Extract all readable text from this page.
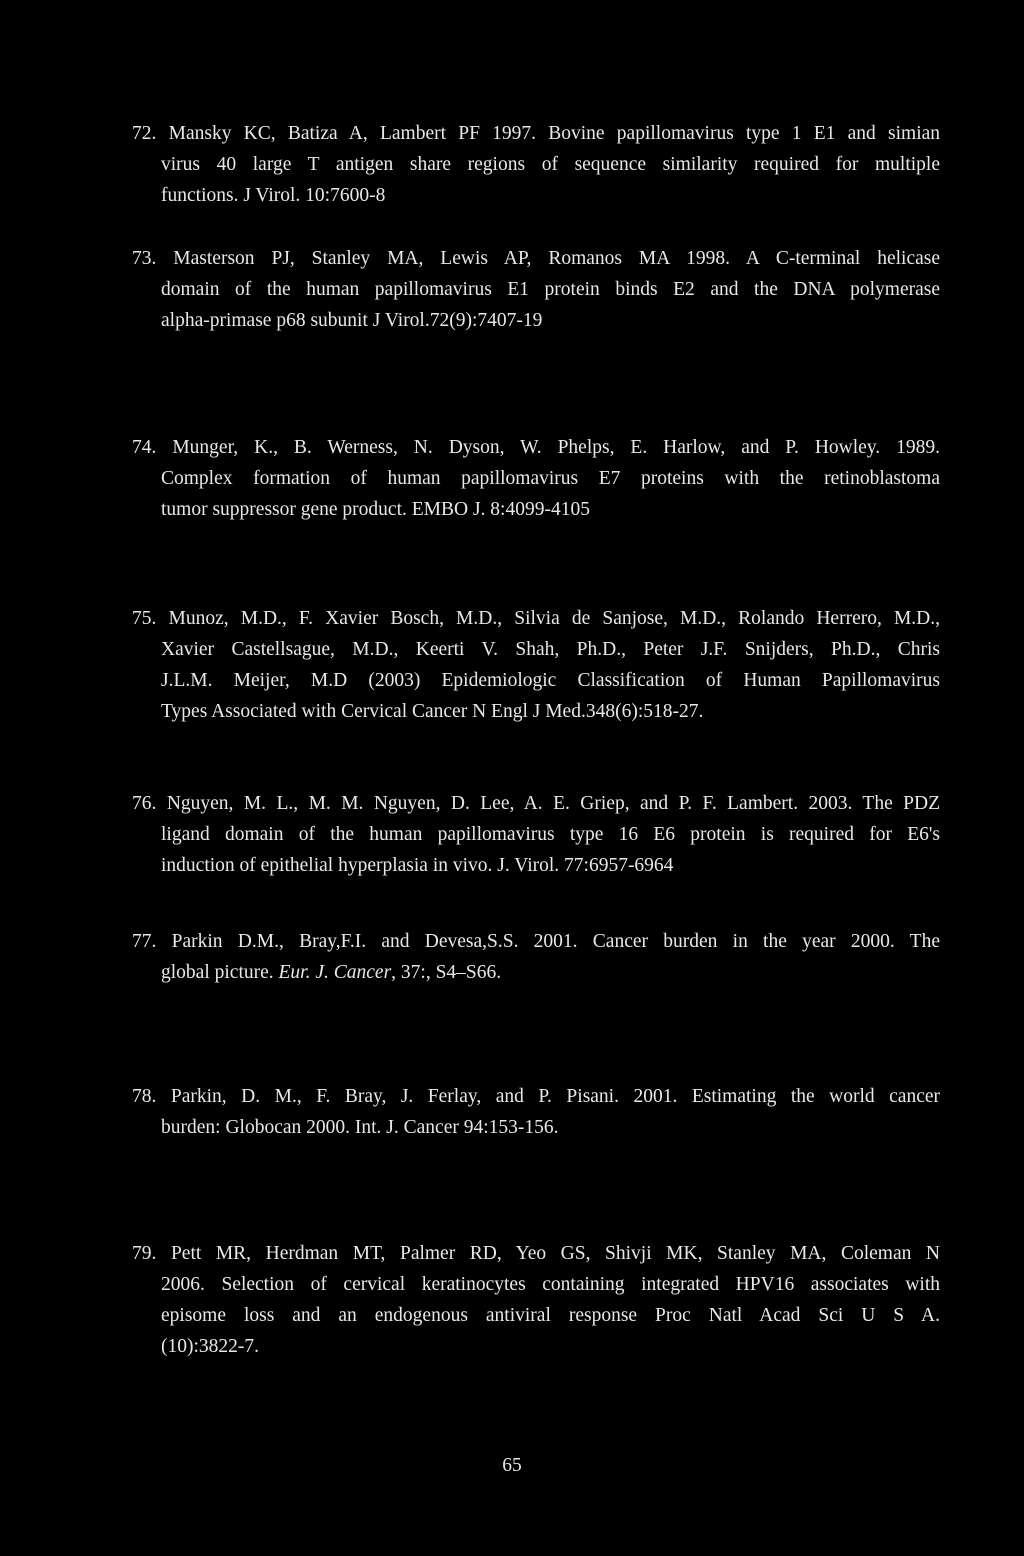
72. Mansky KC, Batiza A, Lambert PF 1997. Bovine papillomavirus type 1 E1 and simian
virus 40 large T antigen share regions of sequence similarity required for multiple
functions. J Virol. 10:7600-8
73. Masterson PJ, Stanley MA, Lewis AP, Romanos MA 1998. A C-terminal helicase
domain of the human papillomavirus E1 protein binds E2 and the DNA polymerase
alpha-primase p68 subunit J Virol.72(9):7407-19
74. Munger, K., B. Werness, N. Dyson, W. Phelps, E. Harlow, and P. Howley. 1989.
Complex formation of human papillomavirus E7 proteins with the retinoblastoma
tumor suppressor gene product. EMBO J. 8:4099-4105
75. Munoz, M.D., F. Xavier Bosch, M.D., Silvia de Sanjose, M.D., Rolando Herrero, M.D.,
Xavier Castellsague, M.D., Keerti V. Shah, Ph.D., Peter J.F. Snijders, Ph.D., Chris
J.L.M. Meijer, M.D (2003) Epidemiologic Classification of Human Papillomavirus
Types Associated with Cervical Cancer N Engl J Med.348(6):518-27.
76. Nguyen, M. L., M. M. Nguyen, D. Lee, A. E. Griep, and P. F. Lambert. 2003. The PDZ
ligand domain of the human papillomavirus type 16 E6 protein is required for E6's
induction of epithelial hyperplasia in vivo. J. Virol. 77:6957-6964
77. Parkin D.M., Bray,F.I. and Devesa,S.S. 2001. Cancer burden in the year 2000. The
global picture. Eur. J. Cancer, 37:, S4–S66.
78. Parkin, D. M., F. Bray, J. Ferlay, and P. Pisani. 2001. Estimating the world cancer
burden: Globocan 2000. Int. J. Cancer 94:153-156.
79. Pett MR, Herdman MT, Palmer RD, Yeo GS, Shivji MK, Stanley MA, Coleman N
2006. Selection of cervical keratinocytes containing integrated HPV16 associates with
episome loss and an endogenous antiviral response Proc Natl Acad Sci U S A.
(10):3822-7.
65
